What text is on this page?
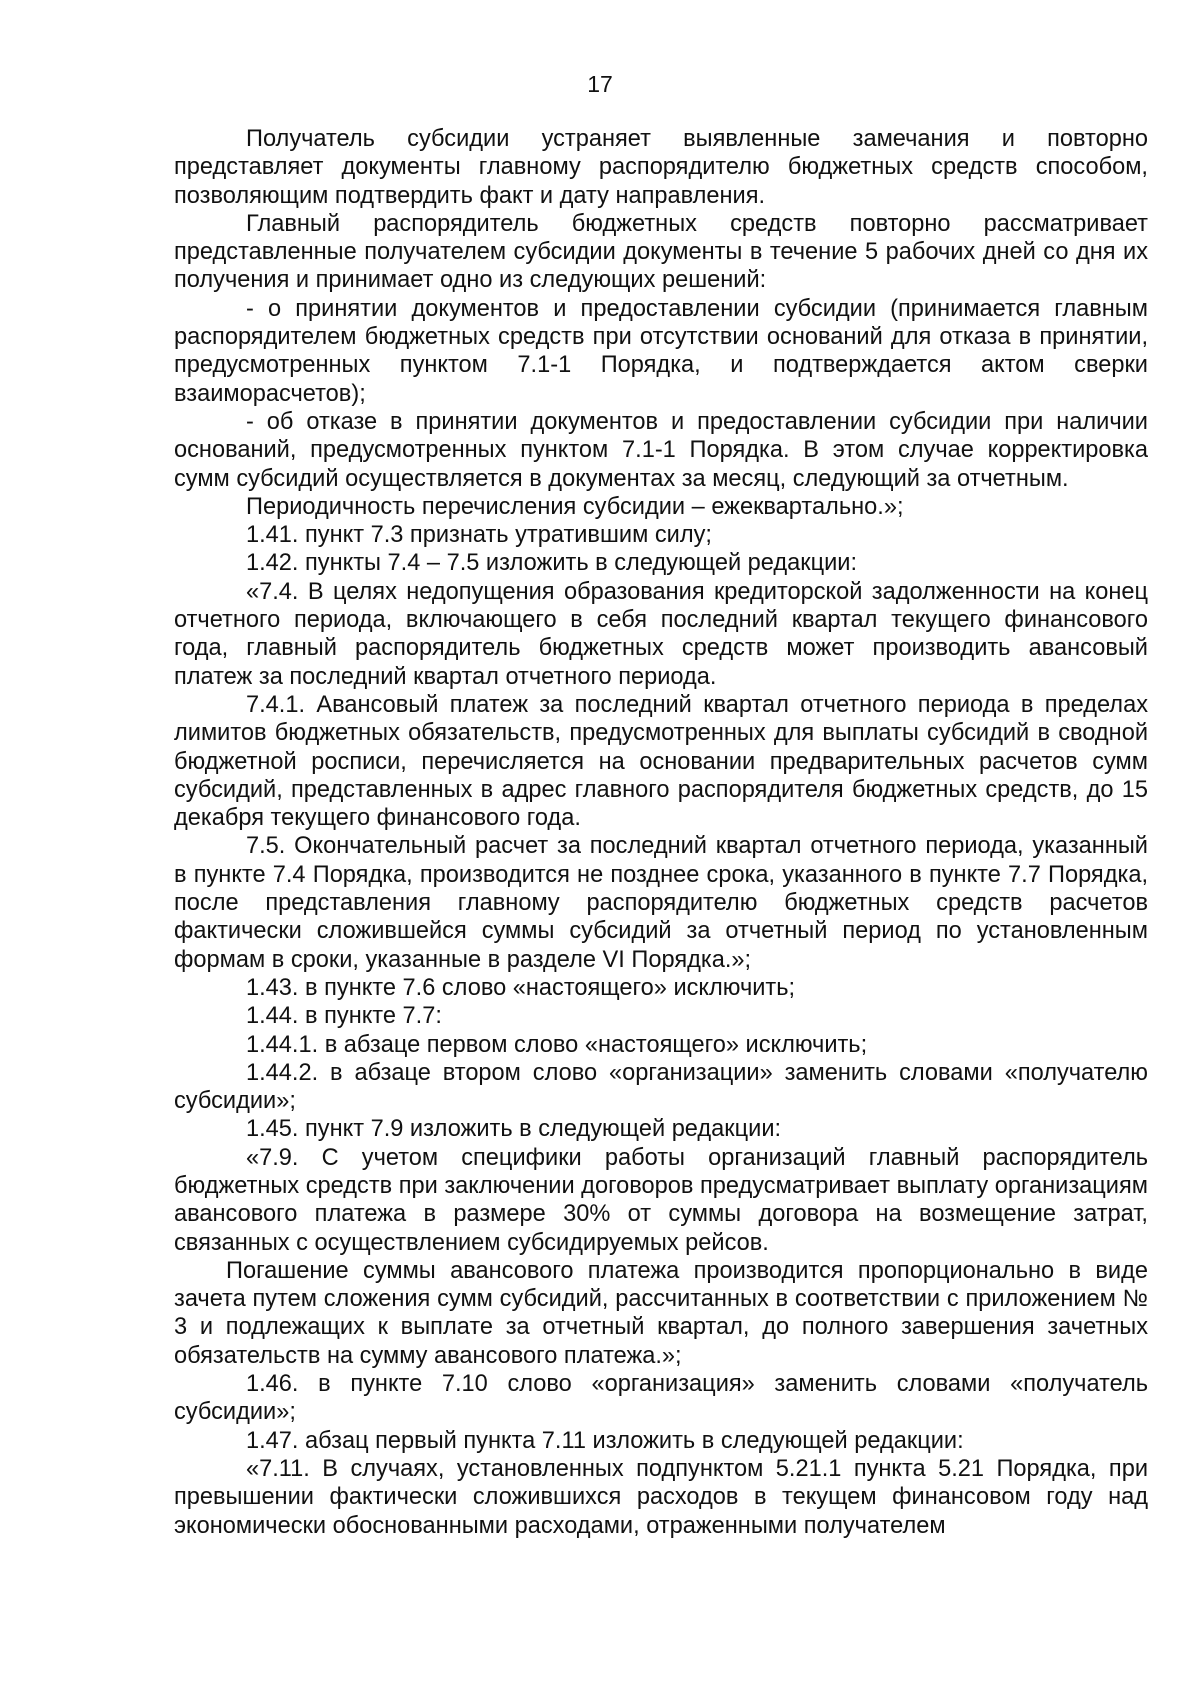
17

Получатель субсидии устраняет выявленные замечания и повторно представляет документы главному распорядителю бюджетных средств способом, позволяющим подтвердить факт и дату направления.

Главный распорядитель бюджетных средств повторно рассматривает представленные получателем субсидии документы в течение 5 рабочих дней со дня их получения и принимает одно из следующих решений:

- о принятии документов и предоставлении субсидии (принимается главным распорядителем бюджетных средств при отсутствии оснований для отказа в принятии, предусмотренных пунктом 7.1-1 Порядка, и подтверждается актом сверки взаиморасчетов);

- об отказе в принятии документов и предоставлении субсидии при наличии оснований, предусмотренных пунктом 7.1-1 Порядка. В этом случае корректировка сумм субсидий осуществляется в документах за месяц, следующий за отчетным.

Периодичность перечисления субсидии – ежеквартально.»;

1.41. пункт 7.3 признать утратившим силу;

1.42. пункты 7.4 – 7.5 изложить в следующей редакции:

«7.4. В целях недопущения образования кредиторской задолженности на конец отчетного периода, включающего в себя последний квартал текущего финансового года, главный распорядитель бюджетных средств может производить авансовый платеж за последний квартал отчетного периода.

7.4.1. Авансовый платеж за последний квартал отчетного периода в пределах лимитов бюджетных обязательств, предусмотренных для выплаты субсидий в сводной бюджетной росписи, перечисляется на основании предварительных расчетов сумм субсидий, представленных в адрес главного распорядителя бюджетных средств, до 15 декабря текущего финансового года.

7.5. Окончательный расчет за последний квартал отчетного периода, указанный в пункте 7.4 Порядка, производится не позднее срока, указанного в пункте 7.7 Порядка, после представления главному распорядителю бюджетных средств расчетов фактически сложившейся суммы субсидий за отчетный период по установленным формам в сроки, указанные в разделе VI Порядка.»;

1.43. в пункте 7.6 слово «настоящего» исключить;

1.44. в пункте 7.7:

1.44.1. в абзаце первом слово «настоящего» исключить;

1.44.2. в абзаце втором слово «организации» заменить словами «получателю субсидии»;

1.45. пункт 7.9 изложить в следующей редакции:

«7.9. С учетом специфики работы организаций главный распорядитель бюджетных средств при заключении договоров предусматривает выплату организациям авансового платежа в размере 30% от суммы договора на возмещение затрат, связанных с осуществлением субсидируемых рейсов.

Погашение суммы авансового платежа производится пропорционально в виде зачета путем сложения сумм субсидий, рассчитанных в соответствии с приложением № 3 и подлежащих к выплате за отчетный квартал, до полного завершения зачетных обязательств на сумму авансового платежа.»;

1.46. в пункте 7.10 слово «организация» заменить словами «получатель субсидии»;

1.47. абзац первый пункта 7.11 изложить в следующей редакции:

«7.11. В случаях, установленных подпунктом 5.21.1 пункта 5.21 Порядка, при превышении фактически сложившихся расходов в текущем финансовом году над экономически обоснованными расходами, отраженными получателем
